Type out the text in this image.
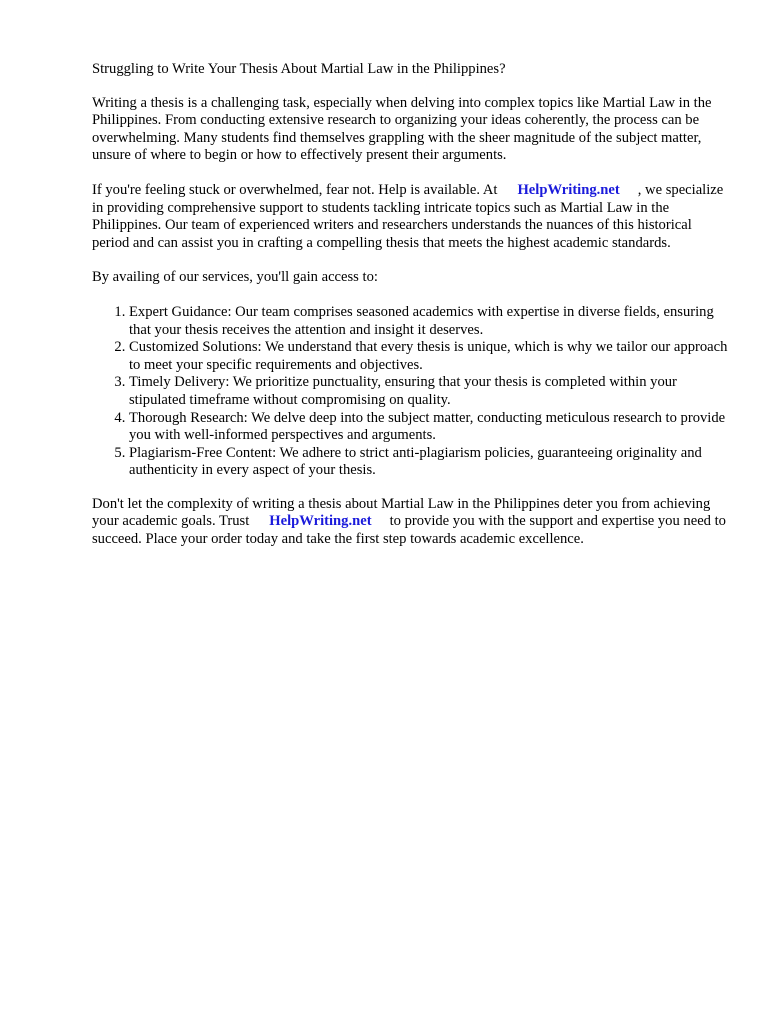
Struggling to Write Your Thesis About Martial Law in the Philippines?

Writing a thesis is a challenging task, especially when delving into complex topics like Martial Law in the Philippines. From conducting extensive research to organizing your ideas coherently, the process can be overwhelming. Many students find themselves grappling with the sheer magnitude of the subject matter, unsure of where to begin or how to effectively present their arguments.

If you're feeling stuck or overwhelmed, fear not. Help is available. At HelpWriting.net , we specialize in providing comprehensive support to students tackling intricate topics such as Martial Law in the Philippines. Our team of experienced writers and researchers understands the nuances of this historical period and can assist you in crafting a compelling thesis that meets the highest academic standards.

By availing of our services, you'll gain access to:

1. Expert Guidance: Our team comprises seasoned academics with expertise in diverse fields, ensuring that your thesis receives the attention and insight it deserves.
2. Customized Solutions: We understand that every thesis is unique, which is why we tailor our approach to meet your specific requirements and objectives.
3. Timely Delivery: We prioritize punctuality, ensuring that your thesis is completed within your stipulated timeframe without compromising on quality.
4. Thorough Research: We delve deep into the subject matter, conducting meticulous research to provide you with well-informed perspectives and arguments.
5. Plagiarism-Free Content: We adhere to strict anti-plagiarism policies, guaranteeing originality and authenticity in every aspect of your thesis.

Don't let the complexity of writing a thesis about Martial Law in the Philippines deter you from achieving your academic goals. Trust HelpWriting.net to provide you with the support and expertise you need to succeed. Place your order today and take the first step towards academic excellence.
